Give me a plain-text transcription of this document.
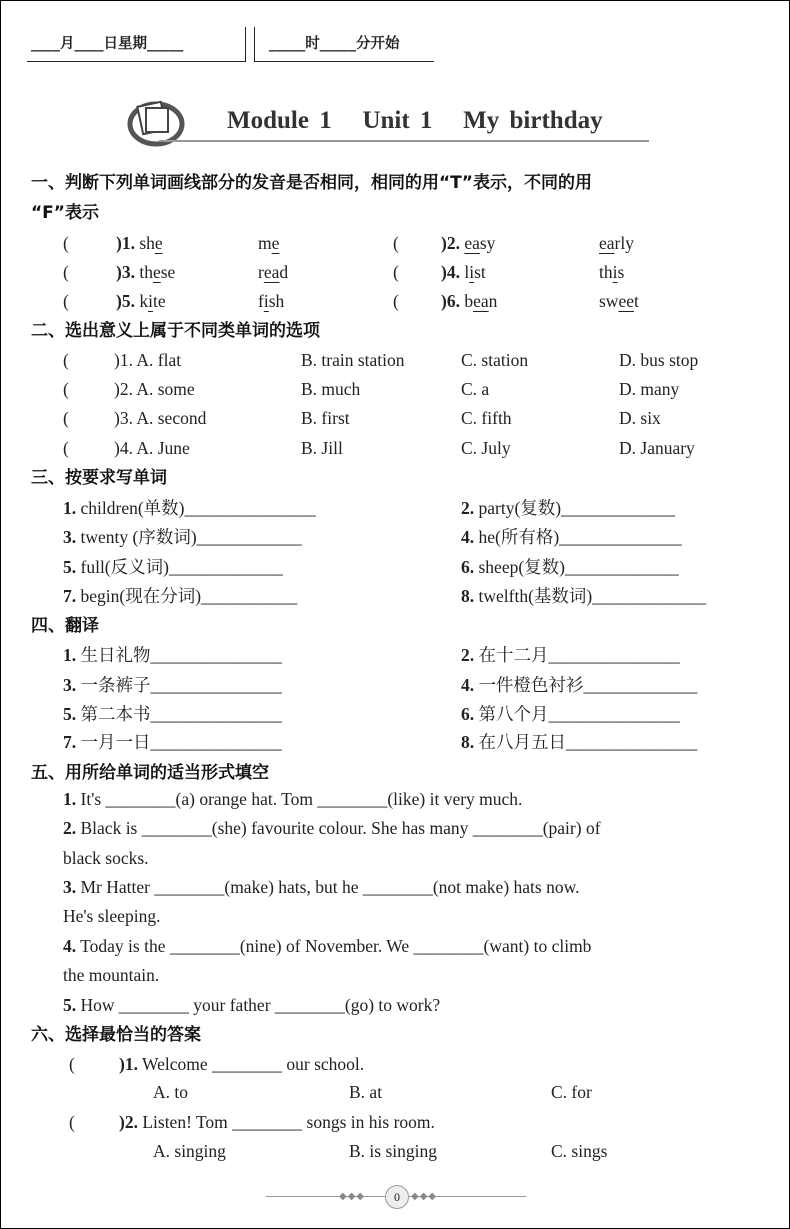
____月____日星期_____	_____时_____分开始
Module 1   Unit 1   My birthday
一、判断下列单词画线部分的发音是否相同，相同的用“T”表示，不同的用
“F”表示
(	)1. she	me	( )2. easy	early
(	)3. these	read	( )4. list	this
(	)5. kite	fish	( )6. bean	sweet
二、选出意义上属于不同类单词的选项
(	)1. A. flat	B. train station	C. station	D. bus stop
(	)2. A. some	B. much	C. a	D. many
(	)3. A. second	B. first	C. fifth	D. six
(	)4. A. June	B. Jill	C. July	D. January
三、按要求写单词
1. children(单数)_______________	2. party(复数)_____________
3. twenty (序数词)____________	4. he(所有格)______________
5. full(反义词)_____________	6. sheep(复数)_____________
7. begin(现在分词)___________	8. twelfth(基数词)_____________
四、翻译
1. 生日礼物_______________	2. 在十二月_______________
3. 一条裤子_______________	4. 一件橙色衬衫_____________
5. 第二本书_______________	6. 第八个月_______________
7. 一月一日_______________	8. 在八月五日_______________
五、用所给单词的适当形式填空
1. It's ________(a) orange hat. Tom ________(like) it very much.
2. Black is ________(she) favourite colour. She has many ________(pair) of
black socks.
3. Mr Hatter ________(make) hats, but he ________(not make) hats now.
He's sleeping.
4. Today is the ________(nine) of November. We ________(want) to climb
the mountain.
5. How ________ your father ________(go) to work?
六、选择最恰当的答案
(	)1. Welcome ________ our school.
A. to	B. at	C. for
(	)2. Listen! Tom ________ songs in his room.
A. singing	B. is singing	C. sings
◆◆◆	◆◆◆
0
